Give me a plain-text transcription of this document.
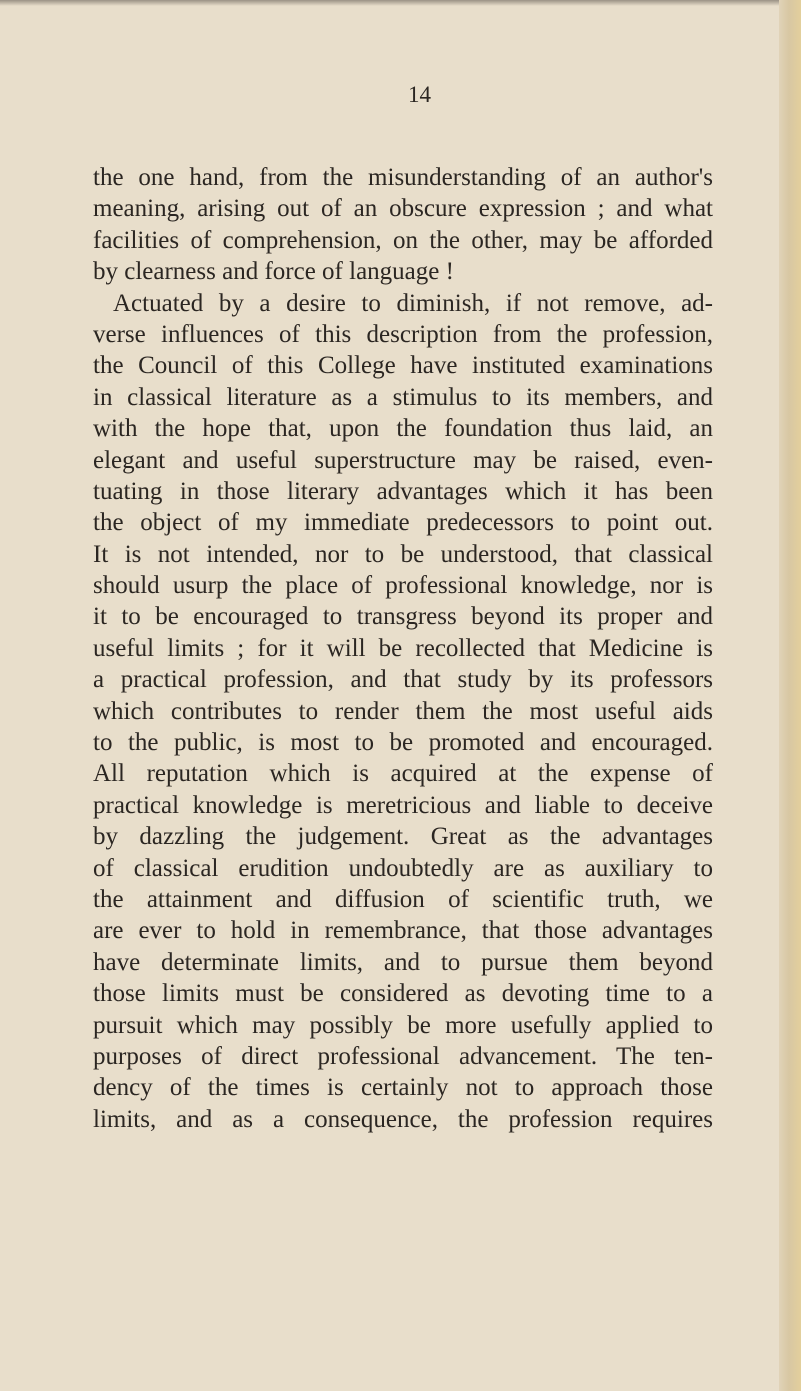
14
the one hand, from the misunderstanding of an author's
meaning, arising out of an obscure expression ; and what
facilities of comprehension, on the other, may be afforded
by clearness and force of language !
Actuated by a desire to diminish, if not remove, ad-
verse influences of this description from the profession,
the Council of this College have instituted examinations
in classical literature as a stimulus to its members, and
with the hope that, upon the foundation thus laid, an
elegant and useful superstructure may be raised, even-
tuating in those literary advantages which it has been
the object of my immediate predecessors to point out.
It is not intended, nor to be understood, that classical
should usurp the place of professional knowledge, nor is
it to be encouraged to transgress beyond its proper and
useful limits ; for it will be recollected that Medicine is
a practical profession, and that study by its professors
which contributes to render them the most useful aids
to the public, is most to be promoted and encouraged.
All reputation which is acquired at the expense of
practical knowledge is meretricious and liable to deceive
by dazzling the judgement. Great as the advantages
of classical erudition undoubtedly are as auxiliary to
the attainment and diffusion of scientific truth, we
are ever to hold in remembrance, that those advantages
have determinate limits, and to pursue them beyond
those limits must be considered as devoting time to a
pursuit which may possibly be more usefully applied to
purposes of direct professional advancement. The ten-
dency of the times is certainly not to approach those
limits, and as a consequence, the profession requires
